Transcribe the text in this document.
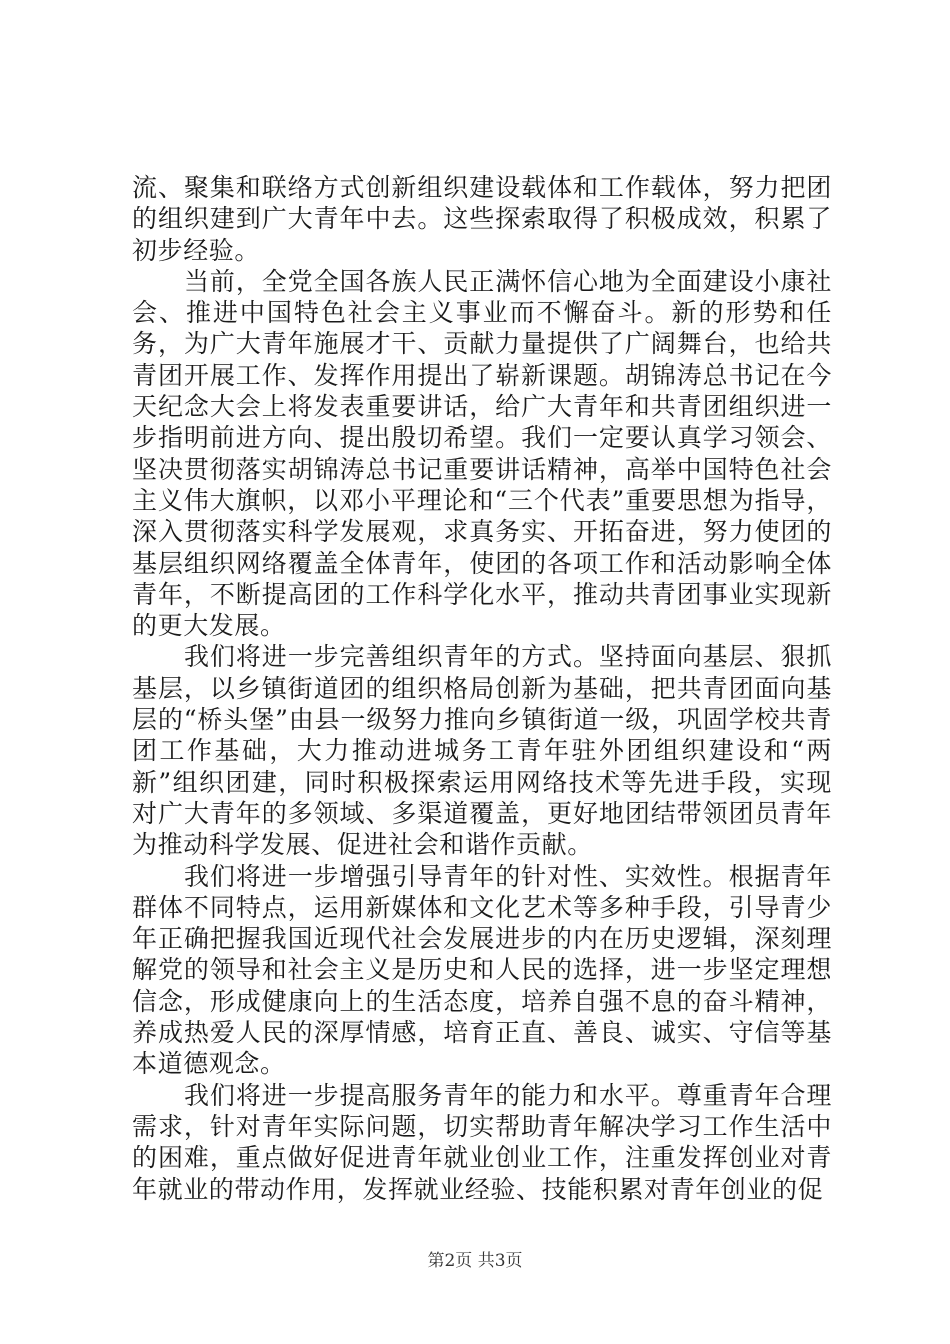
流、聚集和联络方式创新组织建设载体和工作载体，努力把团的组织建到广大青年中去。这些探索取得了积极成效，积累了初步经验。

当前，全党全国各族人民正满怀信心地为全面建设小康社会、推进中国特色社会主义事业而不懈奋斗。新的形势和任务，为广大青年施展才干、贡献力量提供了广阔舞台，也给共青团开展工作、发挥作用提出了崭新课题。胡锦涛总书记在今天纪念大会上将发表重要讲话，给广大青年和共青团组织进一步指明前进方向、提出殷切希望。我们一定要认真学习领会、坚决贯彻落实胡锦涛总书记重要讲话精神，高举中国特色社会主义伟大旗帜，以邓小平理论和“三个代表”重要思想为指导，深入贯彻落实科学发展观，求真务实、开拓奋进，努力使团的基层组织网络覆盖全体青年，使团的各项工作和活动影响全体青年，不断提高团的工作科学化水平，推动共青团事业实现新的更大发展。

我们将进一步完善组织青年的方式。坚持面向基层、狠抓基层，以乡镇街道团的组织格局创新为基础，把共青团面向基层的“桥头堡”由县一级努力推向乡镇街道一级，巩固学校共青团工作基础，大力推动进城务工青年驻外团组织建设和“两新”组织团建，同时积极探索运用网络技术等先进手段，实现对广大青年的多领域、多渠道覆盖，更好地团结带领团员青年为推动科学发展、促进社会和谐作贡献。

我们将进一步增强引导青年的针对性、实效性。根据青年群体不同特点，运用新媒体和文化艺术等多种手段，引导青少年正确把握我国近现代社会发展进步的内在历史逻辑，深刻理解党的领导和社会主义是历史和人民的选择，进一步坚定理想信念，形成健康向上的生活态度，培养自强不息的奋斗精神，养成热爱人民的深厚情感，培育正直、善良、诚实、守信等基本道德观念。

我们将进一步提高服务青年的能力和水平。尊重青年合理需求，针对青年实际问题，切实帮助青年解决学习工作生活中的困难，重点做好促进青年就业创业工作，注重发挥创业对青年就业的带动作用，发挥就业经验、技能积累对青年创业的促

第2页 共3页
